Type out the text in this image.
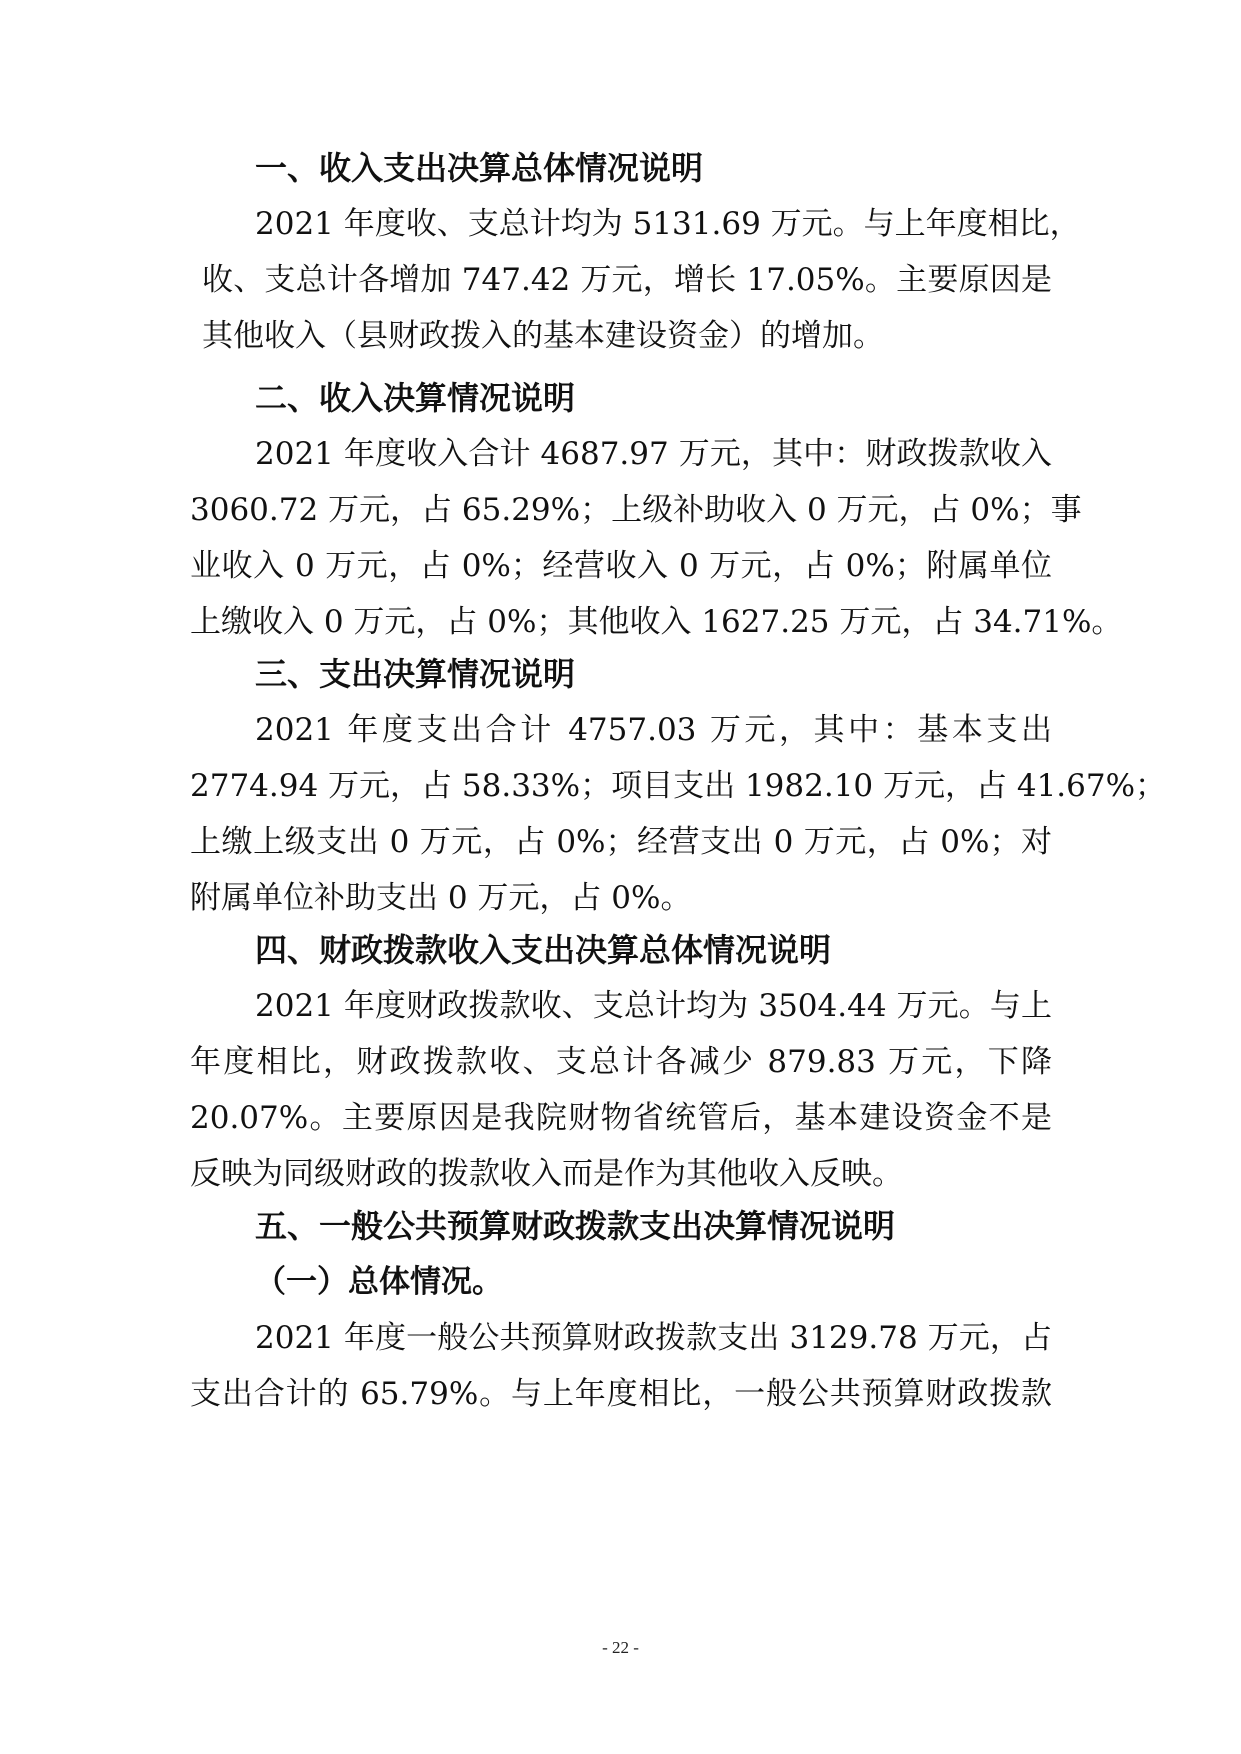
一、收入支出决算总体情况说明
2021 年度收、支总计均为 5131.69 万元。与上年度相比，
收、支总计各增加 747.42 万元，增长 17.05%。主要原因是
其他收入（县财政拨入的基本建设资金）的增加。
二、收入决算情况说明
2021 年度收入合计 4687.97 万元，其中：财政拨款收入
3060.72 万元，占 65.29%；上级补助收入 0 万元，占 0%；事
业收入 0 万元，占 0%；经营收入 0 万元，占 0%；附属单位
上缴收入 0 万元，占 0%；其他收入 1627.25 万元，占 34.71%。
三、支出决算情况说明
2021 年度支出合计 4757.03 万元，其中：基本支出
2774.94 万元，占 58.33%；项目支出 1982.10 万元，占 41.67%；
上缴上级支出 0 万元，占 0%；经营支出 0 万元，占 0%；对
附属单位补助支出 0 万元，占 0%。
四、财政拨款收入支出决算总体情况说明
2021 年度财政拨款收、支总计均为 3504.44 万元。与上
年度相比，财政拨款收、支总计各减少 879.83 万元，下降
20.07%。主要原因是我院财物省统管后，基本建设资金不是
反映为同级财政的拨款收入而是作为其他收入反映。
五、一般公共预算财政拨款支出决算情况说明
（一）总体情况。
2021 年度一般公共预算财政拨款支出 3129.78 万元，占
支出合计的 65.79%。与上年度相比，一般公共预算财政拨款
- 22 -
